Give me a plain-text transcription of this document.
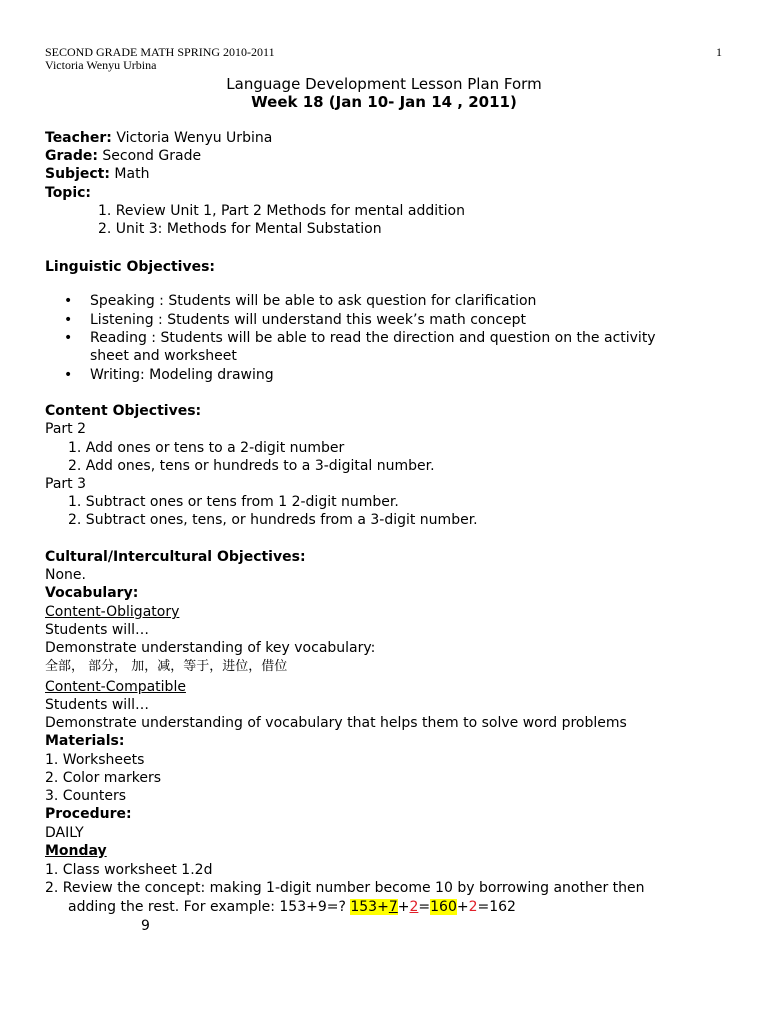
SECOND GRADE MATH SPRING 2010-2011
Victoria Wenyu Urbina
1
Language Development Lesson Plan Form
Week 18 (Jan 10- Jan 14 , 2011)
Teacher: Victoria Wenyu Urbina
Grade: Second Grade
Subject: Math
Topic:
1. Review Unit 1, Part 2 Methods for mental addition
2. Unit 3: Methods for Mental Substation
Linguistic Objectives:
• Speaking : Students will be able to ask question for clarification
• Listening : Students will understand this week’s math concept
• Reading : Students will be able to read the direction and question on the activity
sheet and worksheet
• Writing: Modeling drawing
Content Objectives:
Part 2
1. Add ones or tens to a 2-digit number
2. Add ones, tens or hundreds to a 3-digital number.
Part 3
1. Subtract ones or tens from 1 2-digit number.
2. Subtract ones, tens, or hundreds from a 3-digit number.
Cultural/Intercultural Objectives:
None.
Vocabulary:
Content-Obligatory
Students will…
Demonstrate understanding of key vocabulary:
全部， 部分， 加，减，等于，进位，借位
Content-Compatible
Students will…
Demonstrate understanding of vocabulary that helps them to solve word problems
Materials:
1. Worksheets
2. Color markers
3. Counters
Procedure:
DAILY
Monday
1. Class worksheet 1.2d
2. Review the concept: making 1-digit number become 10 by borrowing another then
adding the rest. For example: 153+9=? 153+7+2=160+2=162
9
